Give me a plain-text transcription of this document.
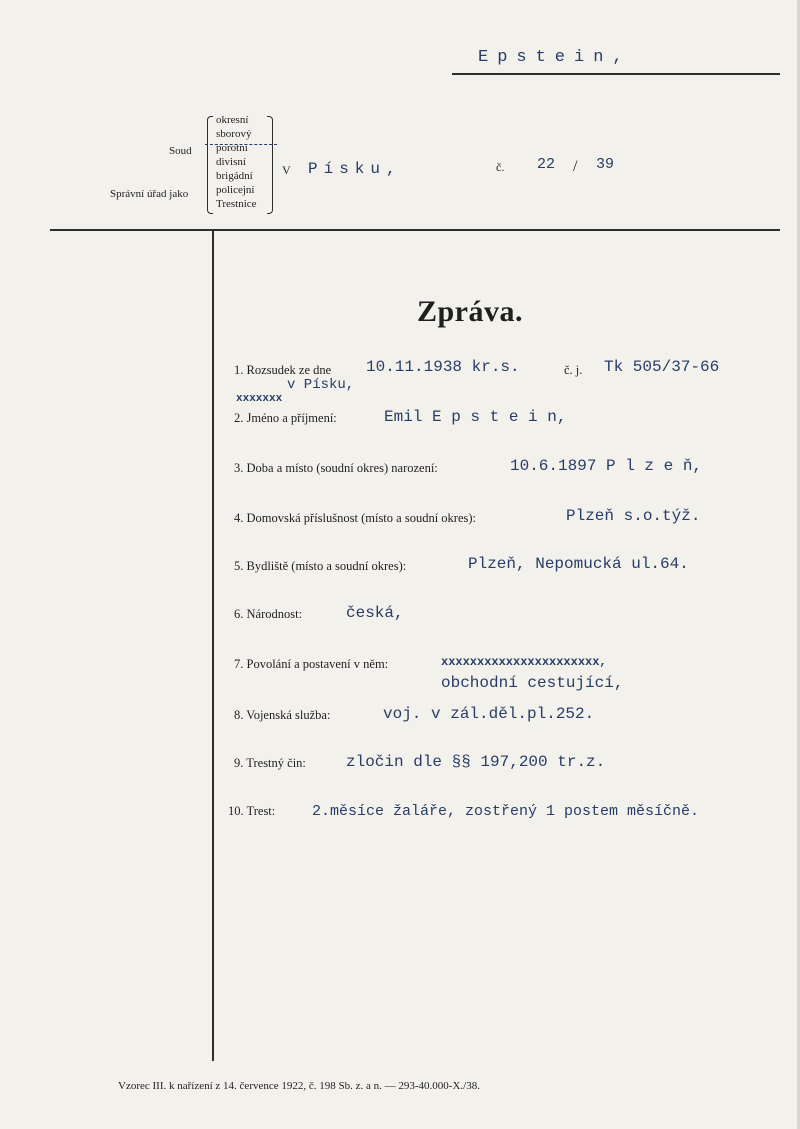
Epstein,
Soud
Správní úřad jako
okresní
sborový
porotní
divisní
brigádní
policejní
Trestnice
V Písku,	č. 22 / 39
Zpráva.
1. Rozsudek ze dne 10.11.1938 kr.s.	č. j. Tk 505/37-66
v Písku,
xxxxxxx
2. Jméno a příjmení:	Emil E p s t e i n,
3. Doba a místo (soudní okres) narození:	10.6.1897 P l z e ň,
4. Domovská příslušnost (místo a soudní okres):	Plzeň s.o.týž.
5. Bydliště (místo a soudní okres):	Plzeň, Nepomucká ul.64.
6. Národnost:	česká,
7. Povolání a postavení v něm:	xxxxxxxxxxxxxxxxxxxxxx,
obchodní cestující,
8. Vojenská služba:	voj. v zál.děl.pl.252.
9. Trestný čin:	zločin dle §§ 197,200 tr.z.
10. Trest: 2.měsíce žaláře, zostřený 1 postem měsíčně.
Vzorec III. k nařízení z 14. července 1922, č. 198 Sb. z. a n. — 293-40.000-X./38.
